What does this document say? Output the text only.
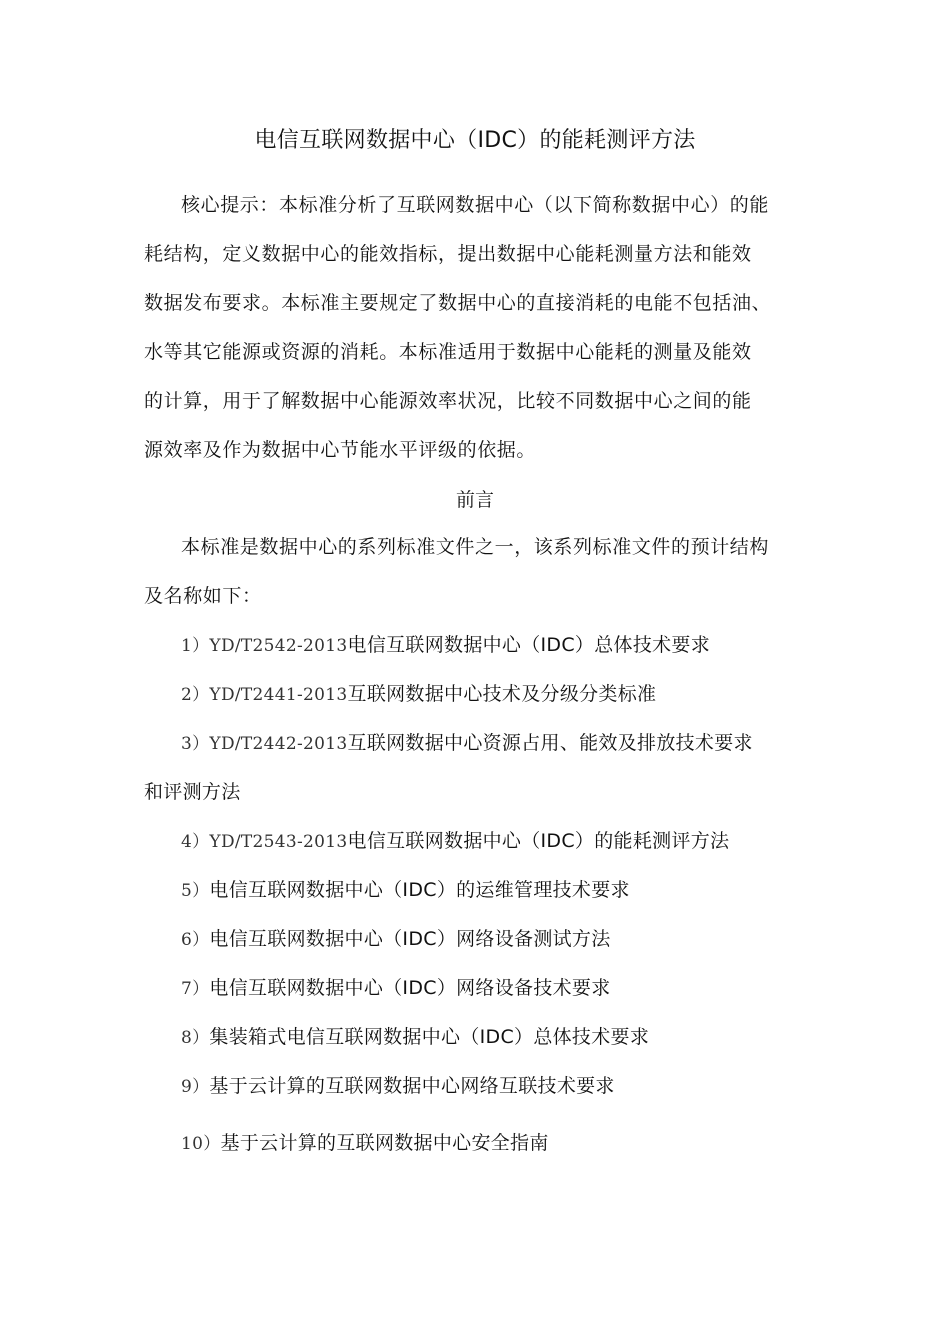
电信互联网数据中心（IDC）的能耗测评方法
核心提示：本标准分析了互联网数据中心（以下简称数据中心）的能
耗结构，定义数据中心的能效指标，提出数据中心能耗测量方法和能效
数据发布要求。本标准主要规定了数据中心的直接消耗的电能不包括油、
水等其它能源或资源的消耗。本标准适用于数据中心能耗的测量及能效
的计算，用于了解数据中心能源效率状况，比较不同数据中心之间的能
源效率及作为数据中心节能水平评级的依据。
前言
本标准是数据中心的系列标准文件之一，该系列标准文件的预计结构
及名称如下：
1）YD/T2542-2013电信互联网数据中心（IDC）总体技术要求
2）YD/T2441-2013互联网数据中心技术及分级分类标准
3）YD/T2442-2013互联网数据中心资源占用、能效及排放技术要求
和评测方法
4）YD/T2543-2013电信互联网数据中心（IDC）的能耗测评方法
5）电信互联网数据中心（IDC）的运维管理技术要求
6）电信互联网数据中心（IDC）网络设备测试方法
7）电信互联网数据中心（IDC）网络设备技术要求
8）集装箱式电信互联网数据中心（IDC）总体技术要求
9）基于云计算的互联网数据中心网络互联技术要求
10）基于云计算的互联网数据中心安全指南
